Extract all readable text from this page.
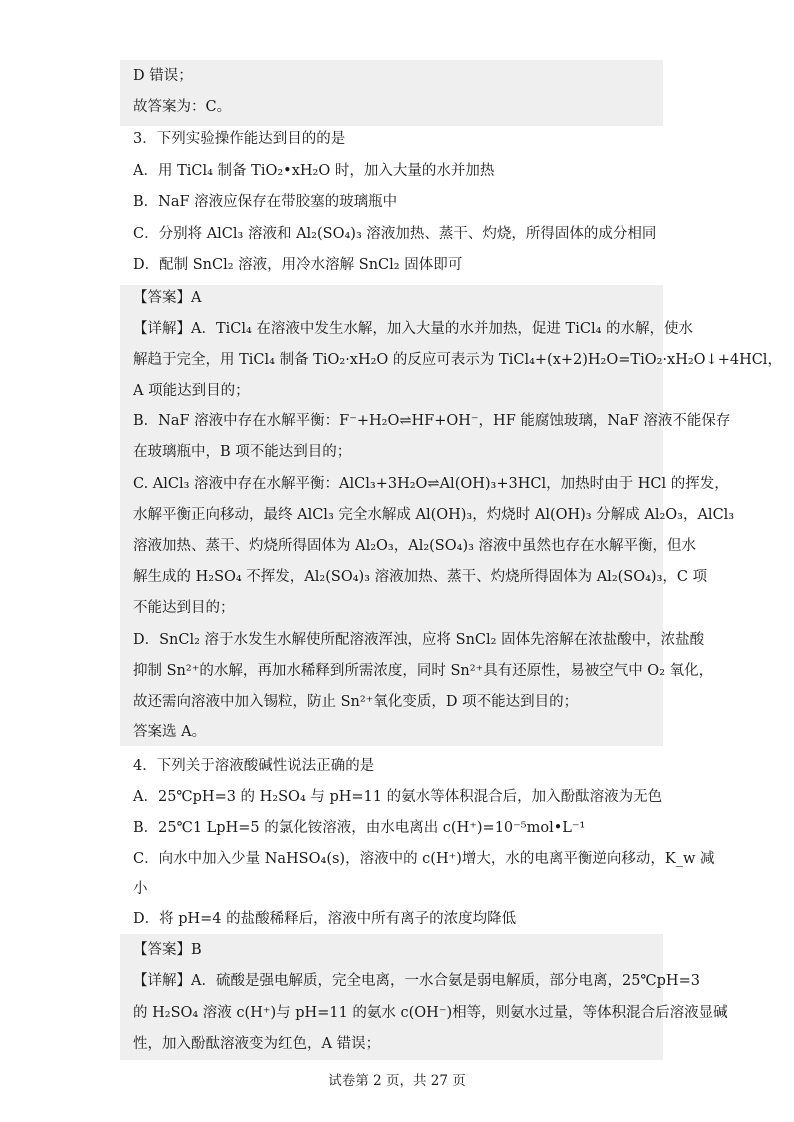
D 错误；
故答案为：C。
3．下列实验操作能达到目的的是
A．用 TiCl₄ 制备 TiO₂•xH₂O 时，加入大量的水并加热
B．NaF 溶液应保存在带胶塞的玻璃瓶中
C．分别将 AlCl₃ 溶液和 Al₂(SO₄)₃ 溶液加热、蒸干、灼烧，所得固体的成分相同
D．配制 SnCl₂ 溶液，用冷水溶解 SnCl₂ 固体即可
【答案】A
【详解】A．TiCl₄ 在溶液中发生水解，加入大量的水并加热，促进 TiCl₄ 的水解，使水
解趋于完全，用 TiCl₄ 制备 TiO₂·xH₂O 的反应可表示为 TiCl₄+(x+2)H₂O=TiO₂·xH₂O↓+4HCl，
A 项能达到目的；
B．NaF 溶液中存在水解平衡：F⁻+H₂O⇌HF+OH⁻，HF 能腐蚀玻璃，NaF 溶液不能保存
在玻璃瓶中，B 项不能达到目的；
C. AlCl₃ 溶液中存在水解平衡：AlCl₃+3H₂O⇌Al(OH)₃+3HCl，加热时由于 HCl 的挥发，
水解平衡正向移动，最终 AlCl₃ 完全水解成 Al(OH)₃，灼烧时 Al(OH)₃ 分解成 Al₂O₃，AlCl₃
溶液加热、蒸干、灼烧所得固体为 Al₂O₃，Al₂(SO₄)₃ 溶液中虽然也存在水解平衡，但水
解生成的 H₂SO₄ 不挥发，Al₂(SO₄)₃ 溶液加热、蒸干、灼烧所得固体为 Al₂(SO₄)₃，C 项
不能达到目的；
D．SnCl₂ 溶于水发生水解使所配溶液浑浊，应将 SnCl₂ 固体先溶解在浓盐酸中，浓盐酸
抑制 Sn²⁺的水解，再加水稀释到所需浓度，同时 Sn²⁺具有还原性，易被空气中 O₂ 氧化，
故还需向溶液中加入锡粒，防止 Sn²⁺氧化变质，D 项不能达到目的；
答案选 A。
4．下列关于溶液酸碱性说法正确的是
A．25℃pH=3 的 H₂SO₄ 与 pH=11 的氨水等体积混合后，加入酚酞溶液为无色
B．25℃1 LpH=5 的氯化铵溶液，由水电离出 c(H⁺)=10⁻⁵mol•L⁻¹
C．向水中加入少量 NaHSO₄(s)，溶液中的 c(H⁺)增大，水的电离平衡逆向移动，K_w 减
小
D．将 pH=4 的盐酸稀释后，溶液中所有离子的浓度均降低
【答案】B
【详解】A．硫酸是强电解质，完全电离，一水合氨是弱电解质，部分电离，25℃pH=3
的 H₂SO₄ 溶液 c(H⁺)与 pH=11 的氨水 c(OH⁻)相等，则氨水过量，等体积混合后溶液显碱
性，加入酚酞溶液变为红色，A 错误；
试卷第 2 页，共 27 页
